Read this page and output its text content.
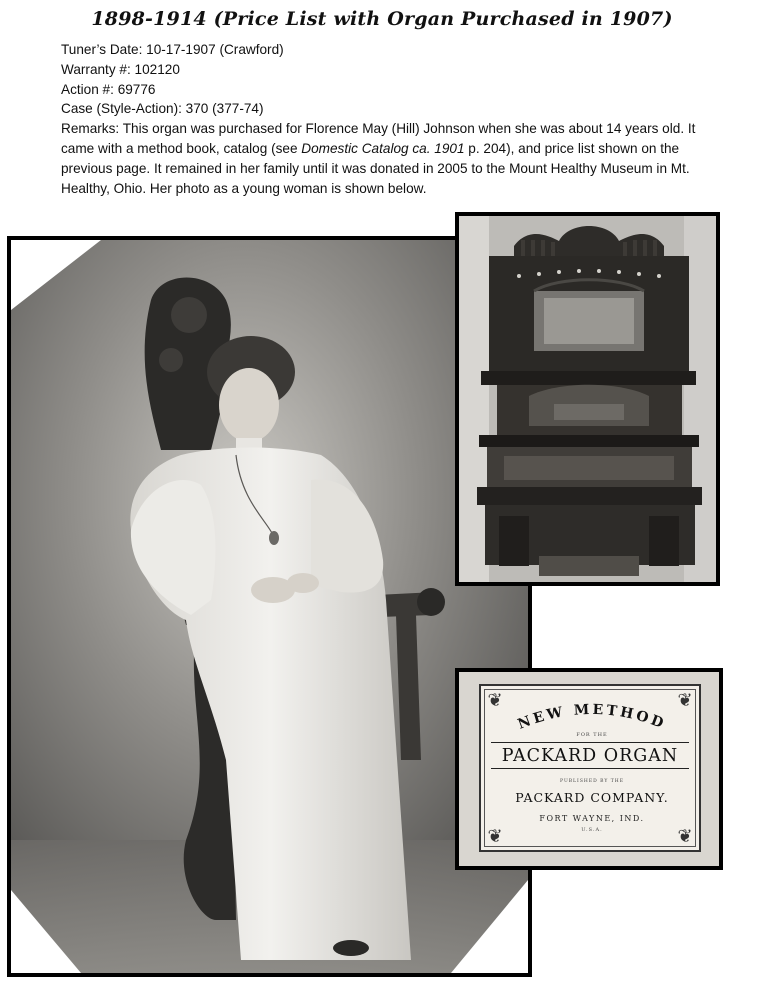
1898-1914 (Price List with Organ Purchased in 1907)

Tuner’s Date: 10-17-1907 (Crawford)

Warranty #: 102120

Action #: 69776

Case (Style-Action): 370 (377-74)

Remarks: This organ was purchased for Florence May (Hill) Johnson when she was about 14 years old. It came with a method book, catalog (see Domestic Catalog ca. 1901 p. 204), and price list shown on the previous page. It remained in her family until it was donated in 2005 to the Mount Healthy Museum in Mt. Healthy, Ohio. Her photo as a young woman is shown below.

❦	❦
❦	❦
NEW METHOD
FOR THE
PACKARD ORGAN
PUBLISHED BY THE
PACKARD COMPANY.
FORT WAYNE, IND.
U.S.A.
